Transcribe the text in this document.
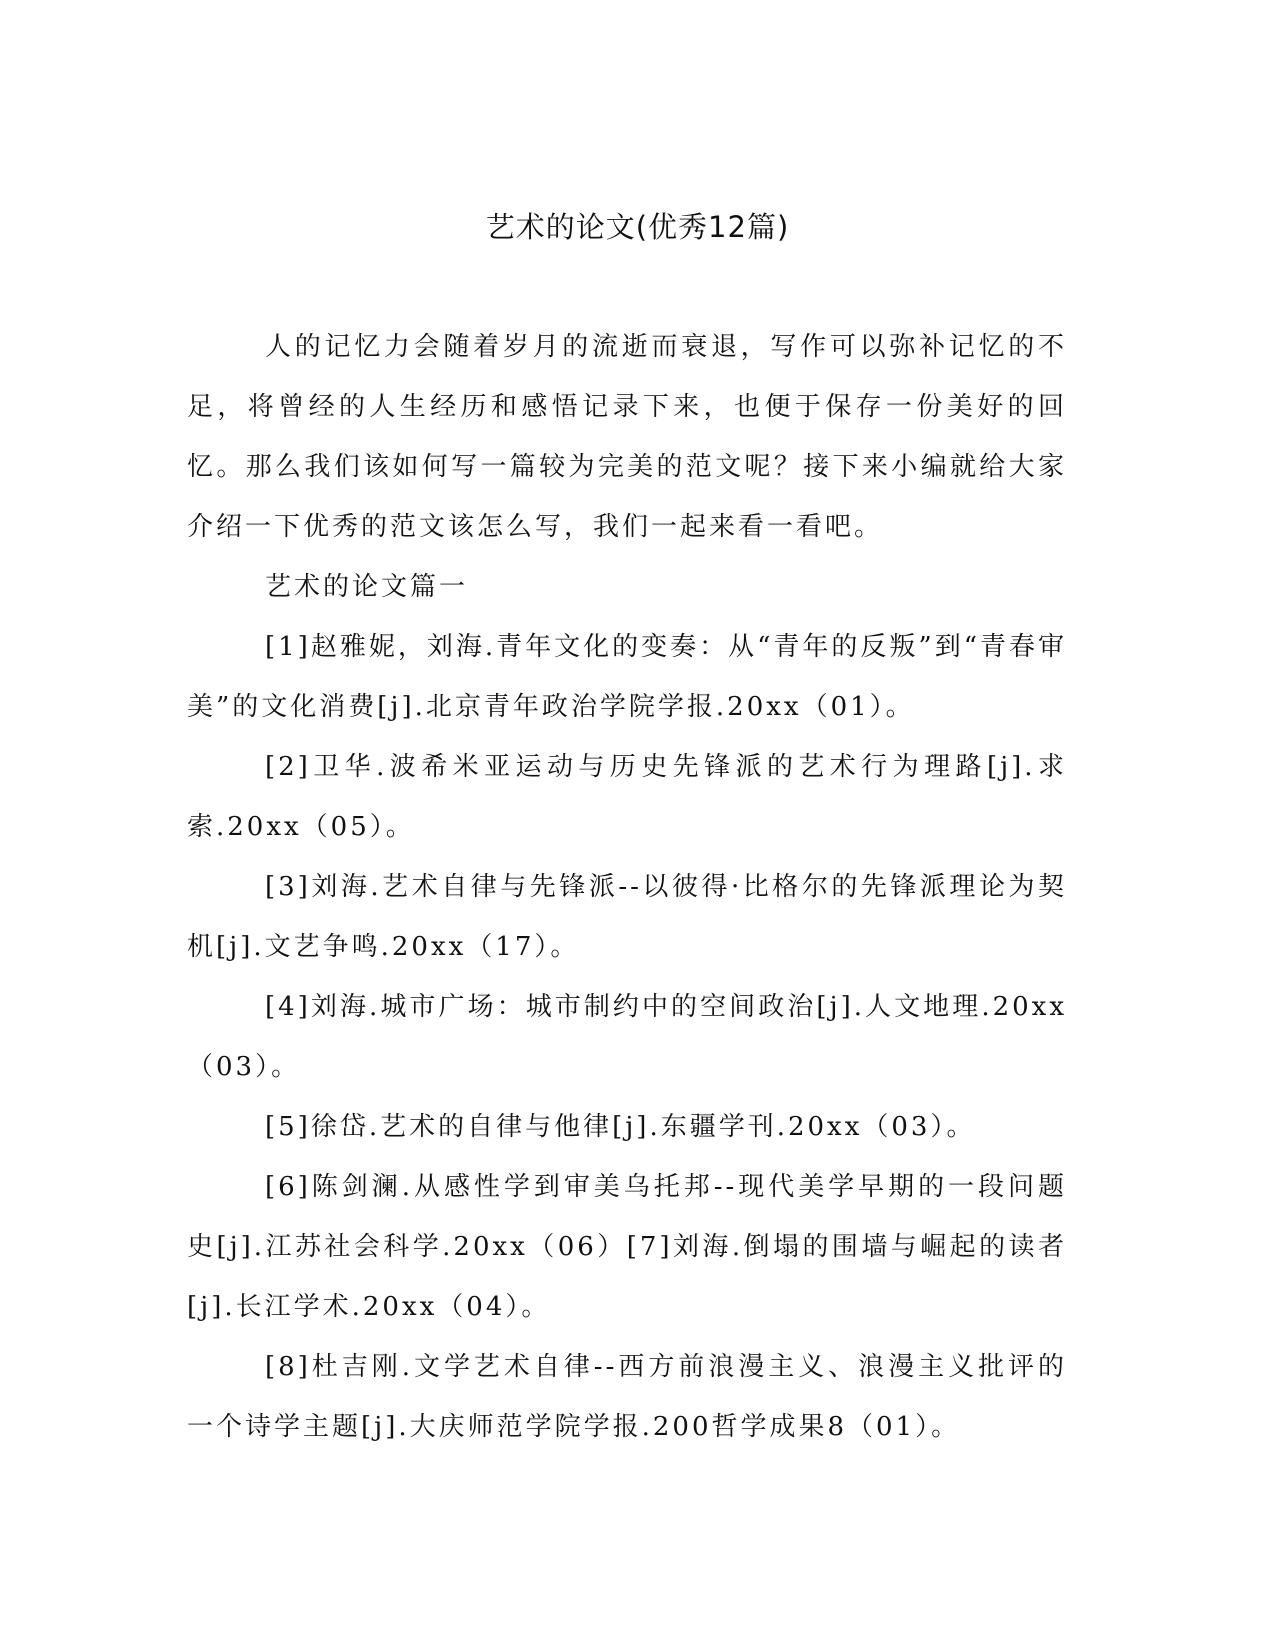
艺术的论文(优秀12篇)

人的记忆力会随着岁月的流逝而衰退，写作可以弥补记忆的不足，将曾经的人生经历和感悟记录下来，也便于保存一份美好的回忆。那么我们该如何写一篇较为完美的范文呢？接下来小编就给大家介绍一下优秀的范文该怎么写，我们一起来看一看吧。

艺术的论文篇一

[1]赵雅妮，刘海.青年文化的变奏：从“青年的反叛”到“青春审美”的文化消费[j].北京青年政治学院学报.20xx（01）。

[2]卫华.波希米亚运动与历史先锋派的艺术行为理路[j].求索.20xx（05）。

[3]刘海.艺术自律与先锋派--以彼得·比格尔的先锋派理论为契机[j].文艺争鸣.20xx（17）。

[4]刘海.城市广场：城市制约中的空间政治[j].人文地理.20xx（03）。

[5]徐岱.艺术的自律与他律[j].东疆学刊.20xx（03）。

[6]陈剑澜.从感性学到审美乌托邦--现代美学早期的一段问题史[j].江苏社会科学.20xx（06）[7]刘海.倒塌的围墙与崛起的读者[j].长江学术.20xx（04）。

[8]杜吉刚.文学艺术自律--西方前浪漫主义、浪漫主义批评的一个诗学主题[j].大庆师范学院学报.200哲学成果8（01）。
